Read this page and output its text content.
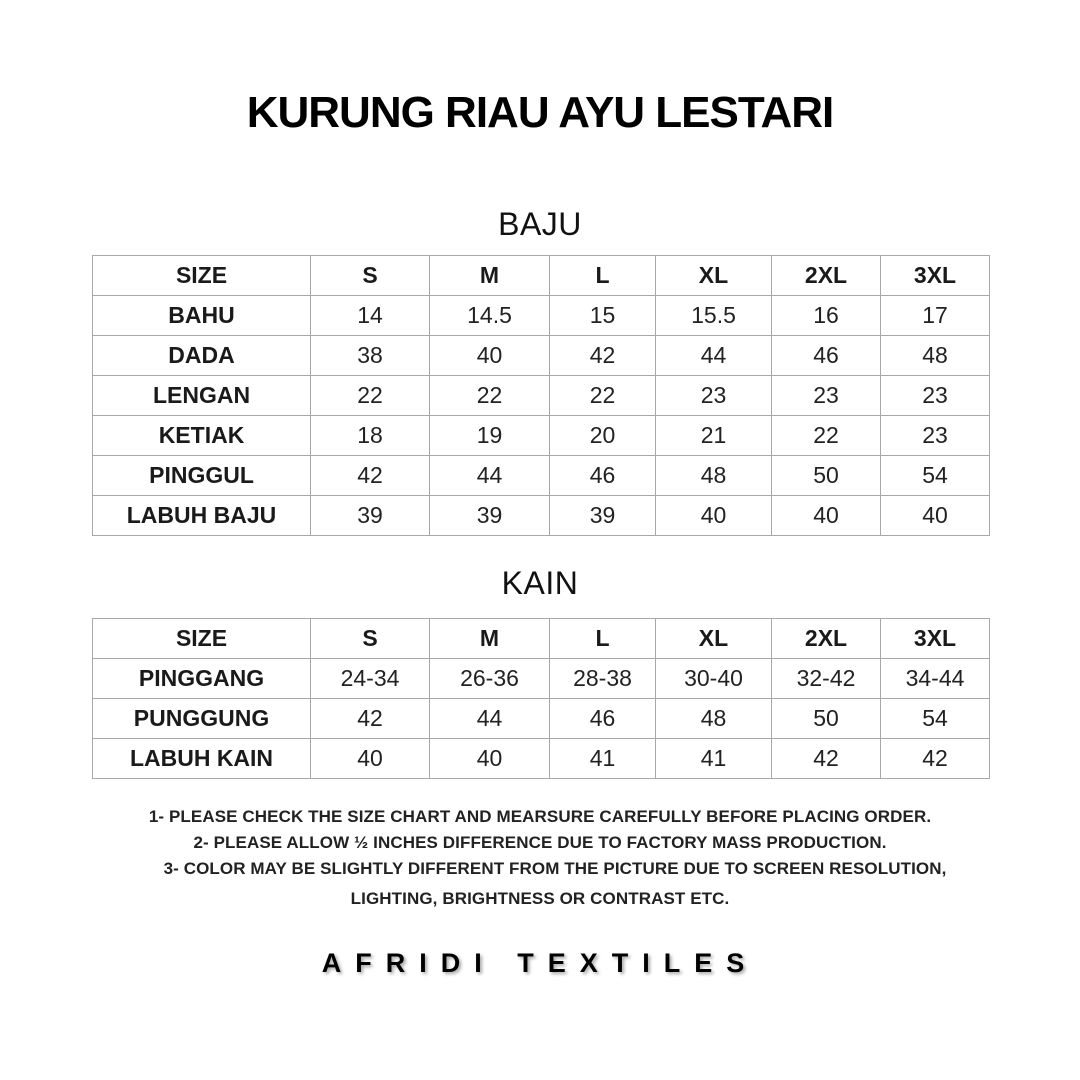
KURUNG RIAU AYU LESTARI
BAJU
SIZE	S	M	L	XL	2XL	3XL
BAHU	14	14.5	15	15.5	16	17
DADA	38	40	42	44	46	48
LENGAN	22	22	22	23	23	23
KETIAK	18	19	20	21	22	23
PINGGUL	42	44	46	48	50	54
LABUH BAJU	39	39	39	40	40	40
KAIN
SIZE	S	M	L	XL	2XL	3XL
PINGGANG	24-34	26-36	28-38	30-40	32-42	34-44
PUNGGUNG	42	44	46	48	50	54
LABUH KAIN	40	40	41	41	42	42
1- PLEASE CHECK THE SIZE CHART AND MEARSURE CAREFULLY BEFORE PLACING ORDER.
2- PLEASE ALLOW ½ INCHES DIFFERENCE DUE TO FACTORY MASS PRODUCTION.
3- COLOR MAY BE SLIGHTLY DIFFERENT FROM THE PICTURE DUE TO SCREEN RESOLUTION,
LIGHTING, BRIGHTNESS OR CONTRAST ETC.
AFRIDI TEXTILES
